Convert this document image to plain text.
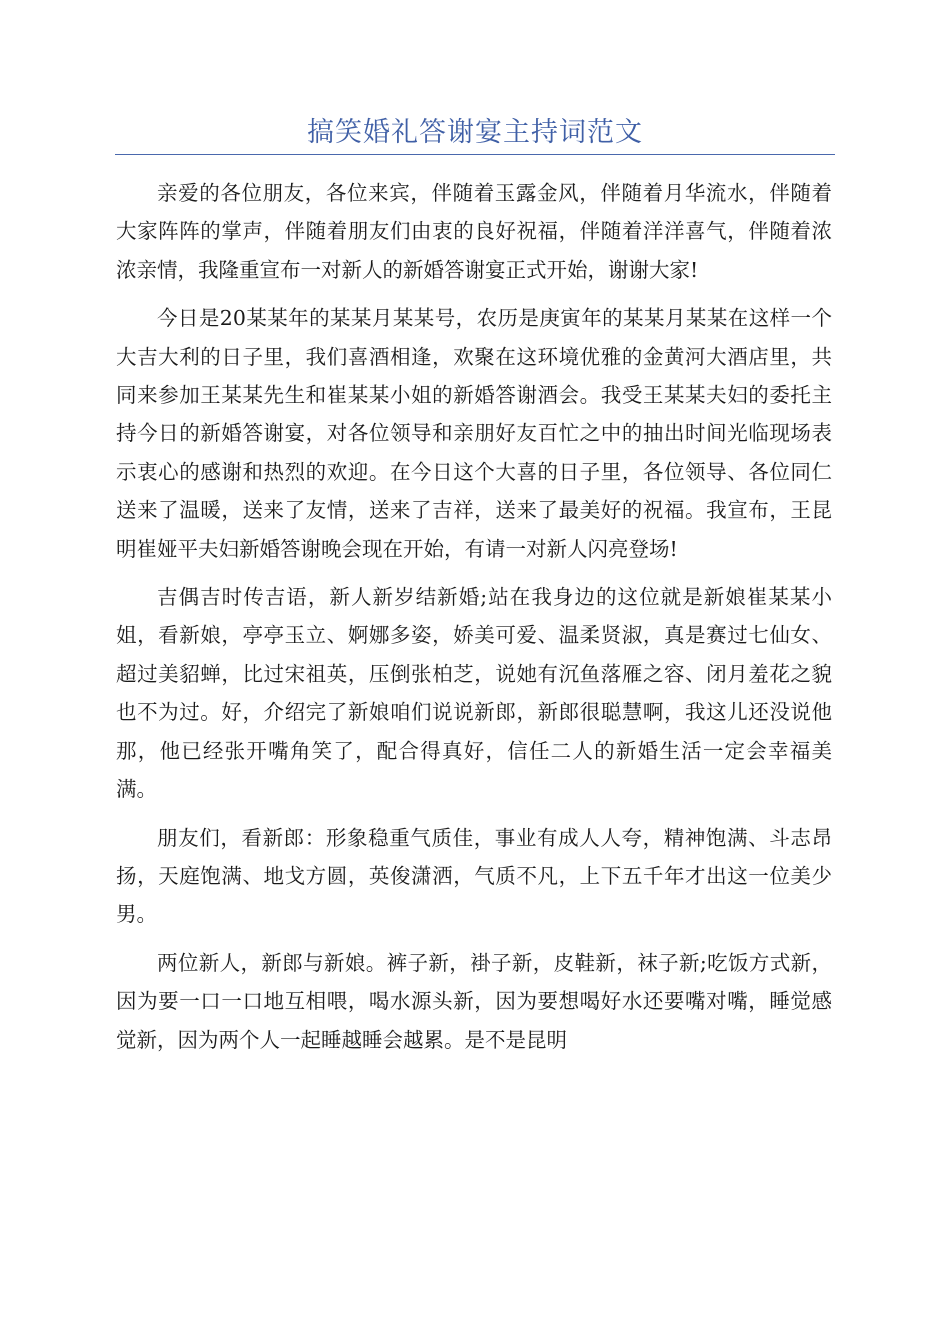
搞笑婚礼答谢宴主持词范文

亲爱的各位朋友，各位来宾，伴随着玉露金风，伴随着月华流水，伴随着大家阵阵的掌声，伴随着朋友们由衷的良好祝福，伴随着洋洋喜气，伴随着浓浓亲情，我隆重宣布一对新人的新婚答谢宴正式开始，谢谢大家!

今日是20某某年的某某月某某号，农历是庚寅年的某某月某某在这样一个大吉大利的日子里，我们喜酒相逢，欢聚在这环境优雅的金黄河大酒店里，共同来参加王某某先生和崔某某小姐的新婚答谢酒会。我受王某某夫妇的委托主持今日的新婚答谢宴，对各位领导和亲朋好友百忙之中的抽出时间光临现场表示衷心的感谢和热烈的欢迎。在今日这个大喜的日子里，各位领导、各位同仁送来了温暖，送来了友情，送来了吉祥，送来了最美好的祝福。我宣布，王昆明崔娅平夫妇新婚答谢晚会现在开始，有请一对新人闪亮登场!

吉偶吉时传吉语，新人新岁结新婚;站在我身边的这位就是新娘崔某某小姐，看新娘，亭亭玉立、婀娜多姿，娇美可爱、温柔贤淑，真是赛过七仙女、超过美貂蝉，比过宋祖英，压倒张柏芝，说她有沉鱼落雁之容、闭月羞花之貌也不为过。好，介绍完了新娘咱们说说新郎，新郎很聪慧啊，我这儿还没说他那，他已经张开嘴角笑了，配合得真好，信任二人的新婚生活一定会幸福美满。

朋友们，看新郎：形象稳重气质佳，事业有成人人夸，精神饱满、斗志昂扬，天庭饱满、地戈方圆，英俊潇洒，气质不凡，上下五千年才出这一位美少男。

两位新人，新郎与新娘。裤子新，褂子新，皮鞋新，袜子新;吃饭方式新，因为要一口一口地互相喂，喝水源头新，因为要想喝好水还要嘴对嘴，睡觉感觉新，因为两个人一起睡越睡会越累。是不是昆明
